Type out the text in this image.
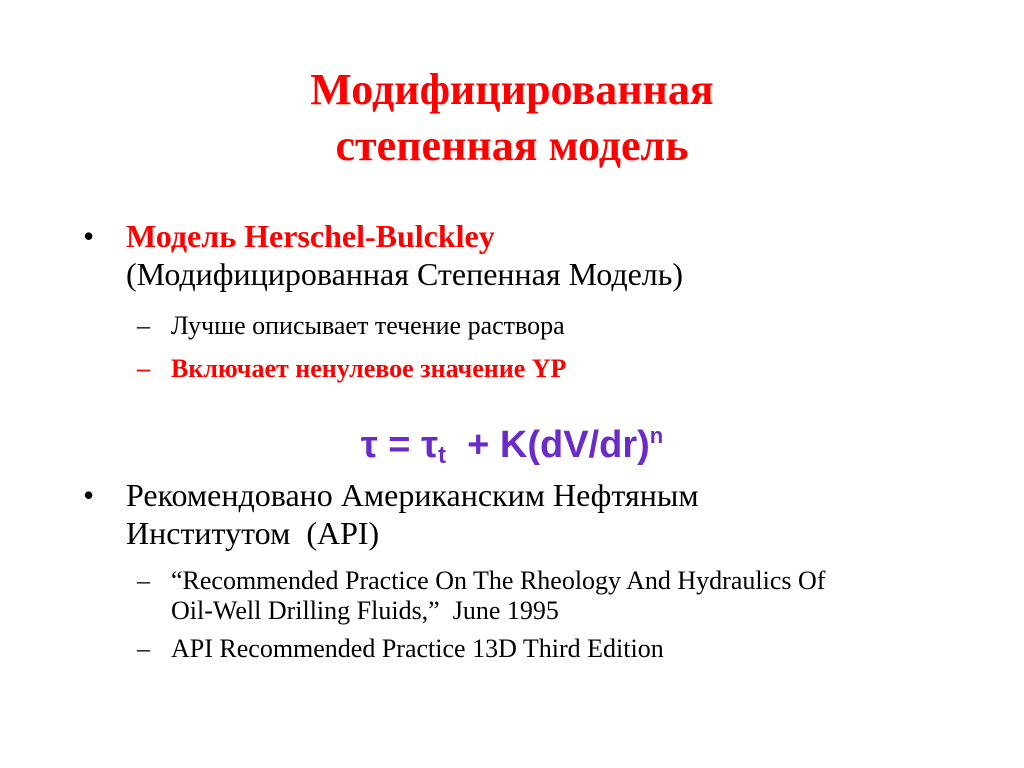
Модифицированная
степенная модель
• Модель Herschel-Bulckley
(Модифицированная Степенная Модель)
– Лучше описывает течение раствора
– Включает ненулевое значение YP
$\tau = \tau_t + K(dV/dr)^n$
• Рекомендовано Американским Нефтяным
Институтом  (API)
– “Recommended Practice On The Rheology And Hydraulics Of
Oil-Well Drilling Fluids,”  June 1995
– API Recommended Practice 13D Third Edition
